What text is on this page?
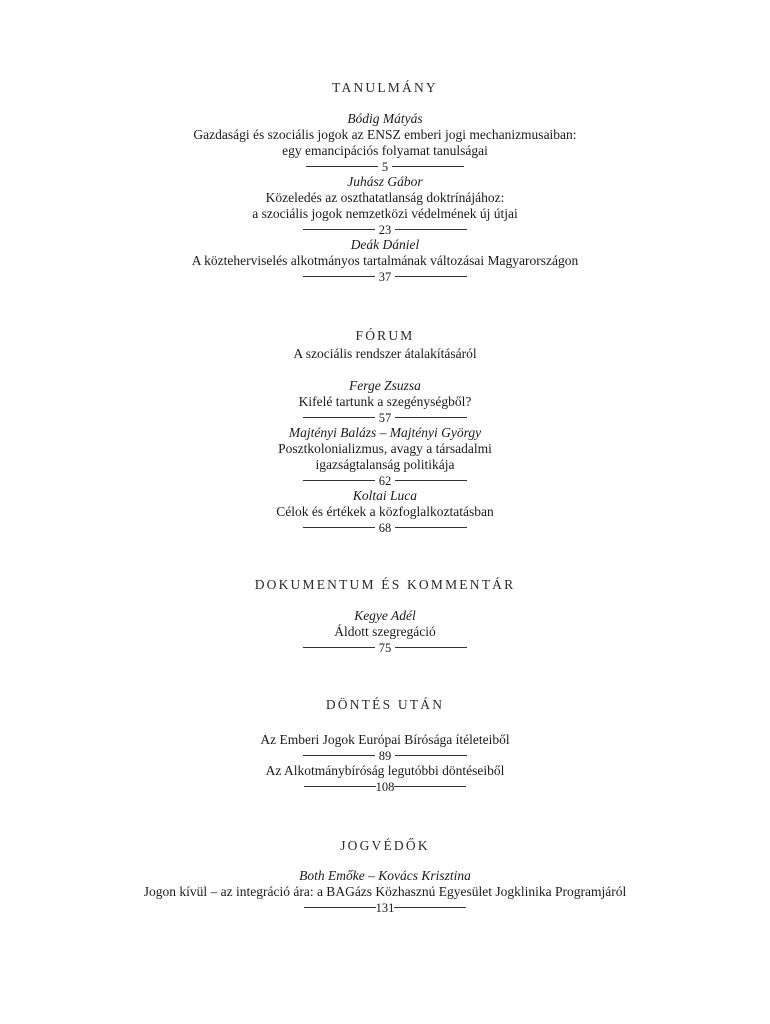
TANULMÁNY
Bódig Mátyás
Gazdasági és szociális jogok az ENSZ emberi jogi mechanizmusaiban:
egy emancipációs folyamat tanulságai
5
Juhász Gábor
Közeledés az oszthatatlanság doktrínájához:
a szociális jogok nemzetközi védelmének új útjai
23
Deák Dániel
A közteherviselés alkotmányos tartalmának változásai Magyarországon
37
FÓRUM
A szociális rendszer átalakításáról
Ferge Zsuzsa
Kifelé tartunk a szegénységből?
57
Majtényi Balázs – Majtényi György
Posztkolonializmus, avagy a társadalmi
igazságtalanság politikája
62
Koltai Luca
Célok és értékek a közfoglalkoztatásban
68
DOKUMENTUM ÉS KOMMENTÁR
Kegye Adél
Áldott szegregáció
75
DÖNTÉS UTÁN
Az Emberi Jogok Európai Bírósága ítéleteiből
89
Az Alkotmánybíróság legutóbbi döntéseiből
108
JOGVÉDŐK
Both Emőke – Kovács Krisztina
Jogon kívül – az integráció ára: a BAGázs Közhasznú Egyesület Jogklinika Programjáról
131
